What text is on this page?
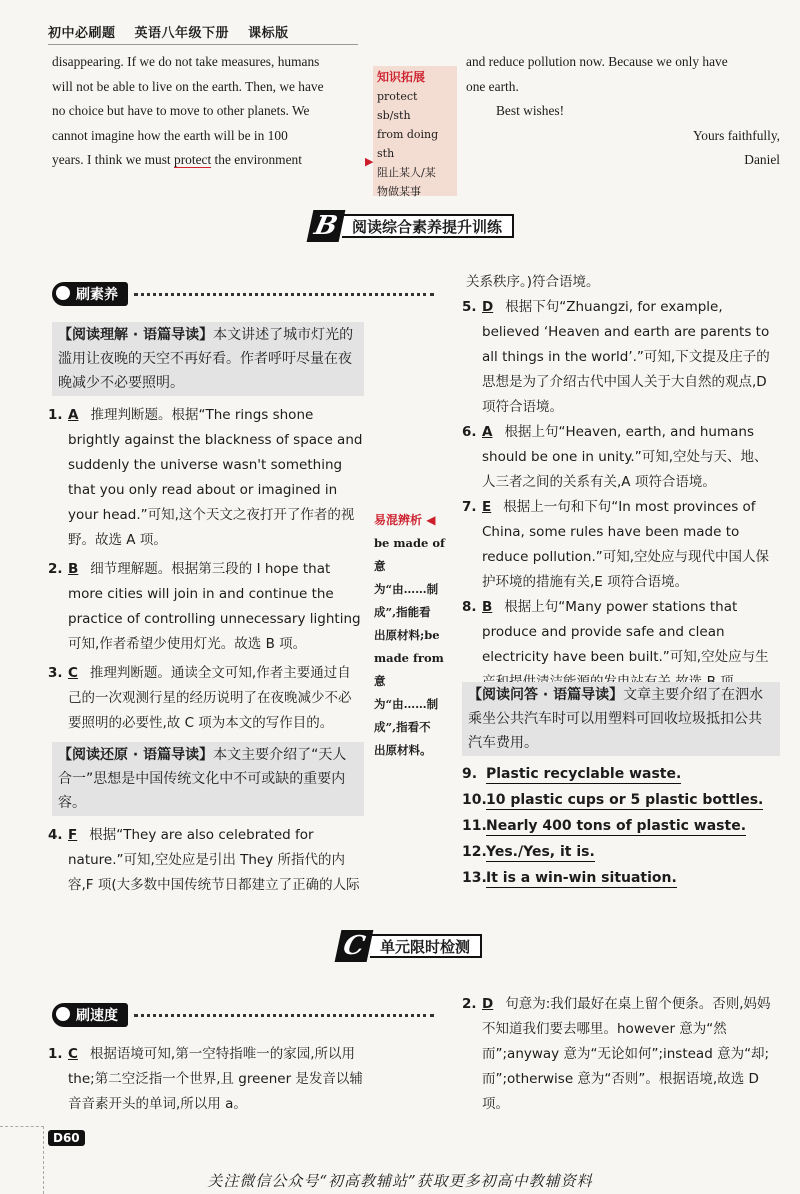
初中必刷题 英语八年级下册 课标版
disappearing. If we do not take measures, humans
will not be able to live on the earth. Then, we have
no choice but have to move to other planets. We
cannot imagine how the earth will be in 100
years. I think we must protect the environment
知识拓展
protect sb/sth
from doing sth
阻止某人/某
物做某事
▶
and reduce pollution now. Because we only have
one earth.
Best wishes!
Yours faithfully,
Daniel
B 阅读综合素养提升训练
刷素养
【阅读理解 · 语篇导读】本文讲述了城市灯光的滥用让夜晚的天空不再好看。作者呼吁尽量在夜晚减少不必要照明。
1. A 推理判断题。根据“The rings shone brightly against the blackness of space and suddenly the universe wasn't something that you only read about or imagined in your head.”可知,这个天文之夜打开了作者的视野。故选 A 项。
2. B 细节理解题。根据第三段的 I hope that more cities will join in and continue the practice of controlling unnecessary lighting 可知,作者希望少使用灯光。故选 B 项。
3. C 推理判断题。通读全文可知,作者主要通过自己的一次观测行星的经历说明了在夜晚减少不必要照明的必要性,故 C 项为本文的写作目的。
【阅读还原 · 语篇导读】本文主要介绍了“天人合一”思想是中国传统文化中不可或缺的重要内容。
4. F 根据“They are also celebrated for nature.”可知,空处应是引出 They 所指代的内容,F 项(大多数中国传统节日都建立了正确的人际
易混辨析 ◀
be made of 意
为“由……制
成”,指能看
出原材料;be
made from 意
为“由……制
成”,指看不
出原材料。
关系秩序。)符合语境。
5. D 根据下句“Zhuangzi, for example, believed ‘Heaven and earth are parents to all things in the world’.”可知,下文提及庄子的思想是为了介绍古代中国人关于大自然的观点,D 项符合语境。
6. A 根据上句“Heaven, earth, and humans should be one in unity.”可知,空处与天、地、人三者之间的关系有关,A 项符合语境。
7. E 根据上一句和下句“In most provinces of China, some rules have been made to reduce pollution.”可知,空处应与现代中国人保护环境的措施有关,E 项符合语境。
8. B 根据上句“Many power stations that produce and provide safe and clean electricity have been built.”可知,空处应与生
【阅读问答 · 语篇导读】文章主要介绍了在泗水乘坐公共汽车时可以用塑料可回收垃圾抵扣公共汽车费用。
9. Plastic recyclable waste.
10.10 plastic cups or 5 plastic bottles.
11.Nearly 400 tons of plastic waste.
12.Yes./Yes, it is.
13.It is a win-win situation.
C 单元限时检测
刷速度
1. C 根据语境可知,第一空特指唯一的家园,所以用 the;第二空泛指一个世界,且 greener 是发音以辅音音素开头的单词,所以用 a。
2. D 句意为:我们最好在桌上留个便条。否则,妈妈不知道我们要去哪里。however 意为“然而”;anyway 意为“无论如何”;instead 意为“却;而”;otherwise 意为“否则”。根据语境,故选 D 项。
D60
关注微信公众号“初高教辅站”获取更多初高中教辅资料
